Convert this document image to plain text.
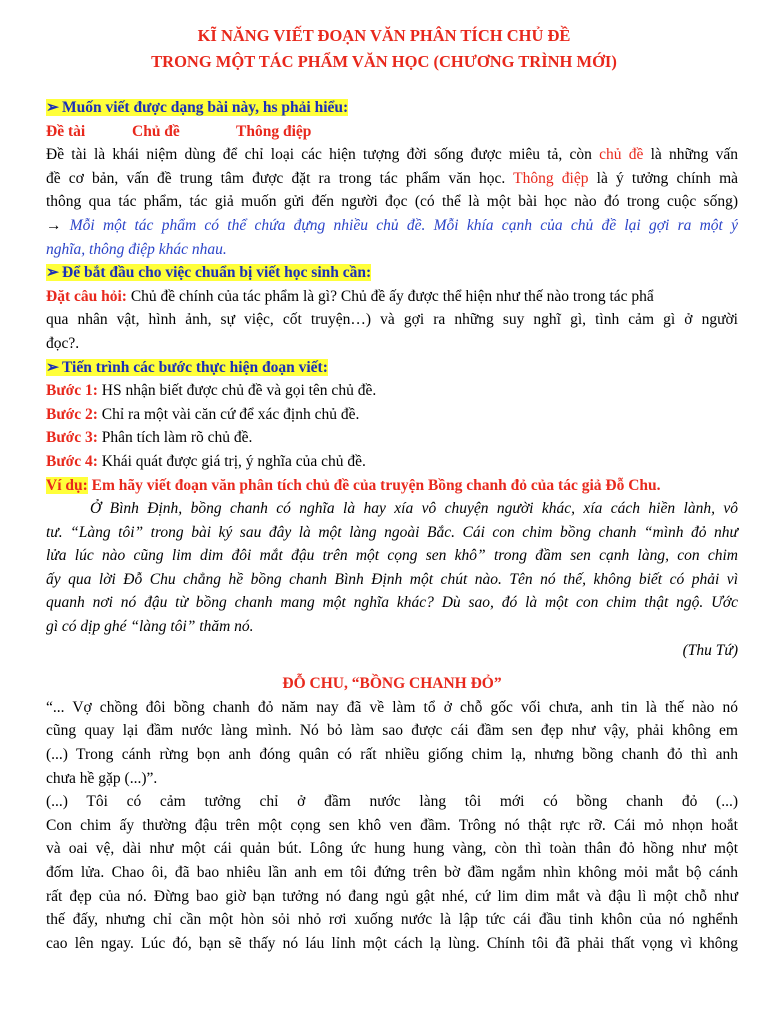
KĨ NĂNG VIẾT ĐOẠN VĂN PHÂN TÍCH CHỦ ĐỀ

TRONG MỘT TÁC PHẨM VĂN HỌC (CHƯƠNG TRÌNH MỚI)

➢ Muốn viết được dạng bài này, hs phải hiểu:
Đề tài	Chủ đề	Thông điệp
Đề tài là khái niệm dùng để chỉ loại các hiện tượng đời sống được miêu tả, còn chủ đề là những vấn
đề cơ bản, vấn đề trung tâm được đặt ra trong tác phẩm văn học. Thông điệp là ý tưởng chính mà
thông qua tác phẩm, tác giả muốn gửi đến người đọc (có thể là một bài học nào đó trong cuộc sống)
→ Mỗi một tác phẩm có thể chứa đựng nhiều chủ đề. Mỗi khía cạnh của chủ đề lại gợi ra một ý
nghĩa, thông điệp khác nhau.
➢ Để bắt đầu cho việc chuẩn bị viết học sinh cần:
Đặt câu hỏi: Chủ đề chính của tác phẩm là gì? Chủ đề ấy được thể hiện như thế nào trong tác phẩ
qua nhân vật, hình ảnh, sự việc, cốt truyện…) và gợi ra những suy nghĩ gì, tình cảm gì ở người
đọc?.
➢ Tiến trình các bước thực hiện đoạn viết:
Bước 1: HS nhận biết được chủ đề và gọi tên chủ đề.
Bước 2: Chỉ ra một vài căn cứ để xác định chủ đề.
Bước 3: Phân tích làm rõ chủ đề.
Bước 4: Khái quát được giá trị, ý nghĩa của chủ đề.
Ví dụ: Em hãy viết đoạn văn phân tích chủ đề của truyện Bồng chanh đỏ của tác giả Đỗ Chu.
Ở Bình Định, bồng chanh có nghĩa là hay xía vô chuyện người khác, xía cách hiền lành, vô
tư. “Làng tôi” trong bài ký sau đây là một làng ngoài Bắc. Cái con chim bồng chanh “mình đỏ như
lửa lúc nào cũng lim dim đôi mắt đậu trên một cọng sen khô” trong đầm sen cạnh làng, con chim
ấy qua lời Đỗ Chu chẳng hề bồng chanh Bình Định một chút nào. Tên nó thế, không biết có phải vì
quanh nơi nó đậu từ bồng chanh mang một nghĩa khác? Dù sao, đó là một con chim thật ngộ. Ước
gì có dịp ghé “làng tôi” thăm nó.
(Thu Tứ)
ĐỖ CHU, “BỒNG CHANH ĐỎ”
“... Vợ chồng đôi bồng chanh đỏ năm nay đã về làm tổ ở chỗ gốc vối chưa, anh tin là thế nào nó
cũng quay lại đầm nước làng mình. Nó bỏ làm sao được cái đầm sen đẹp như vậy, phải không em
(...) Trong cánh rừng bọn anh đóng quân có rất nhiều giống chim lạ, nhưng bồng chanh đỏ thì anh
chưa hề gặp (...)”.
(...) Tôi có cảm tưởng chỉ ở đầm nước làng tôi mới có bồng chanh đỏ (...)
Con chim ấy thường đậu trên một cọng sen khô ven đầm. Trông nó thật rực rỡ. Cái mỏ nhọn hoắt
và oai vệ, dài như một cái quản bút. Lông ức hung hung vàng, còn thì toàn thân đỏ hồng như một
đốm lửa. Chao ôi, đã bao nhiêu lần anh em tôi đứng trên bờ đầm ngắm nhìn không mỏi mắt bộ cánh
rất đẹp của nó. Đừng bao giờ bạn tưởng nó đang ngủ gật nhé, cứ lim dim mắt và đậu lì một chỗ như
thế đấy, nhưng chỉ cần một hòn sỏi nhỏ rơi xuống nước là lập tức cái đầu tinh khôn của nó nghểnh
cao lên ngay. Lúc đó, bạn sẽ thấy nó láu lỉnh một cách lạ lùng. Chính tôi đã phải thất vọng vì không
